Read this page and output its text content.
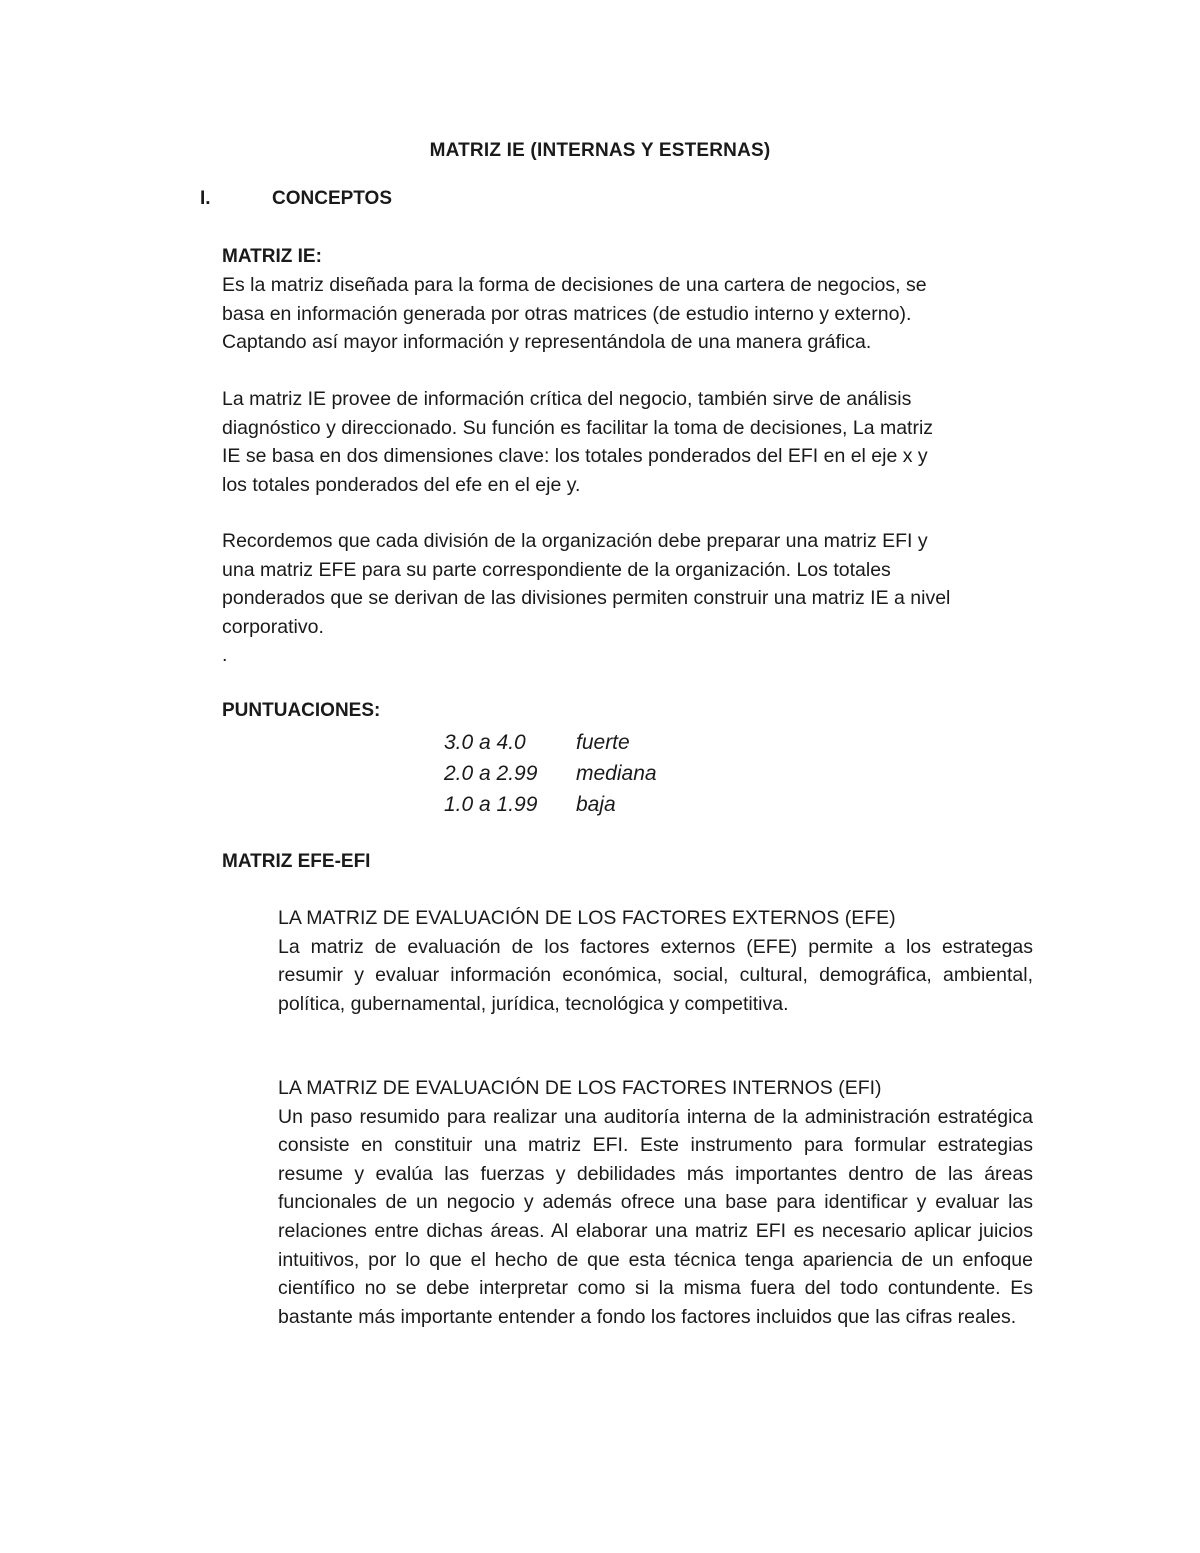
MATRIZ IE (INTERNAS Y ESTERNAS)
I.	CONCEPTOS
MATRIZ IE:
Es la matriz diseñada para la forma de decisiones de una cartera de negocios, se
basa en información generada por otras matrices (de estudio interno y externo).
Captando así mayor información y representándola de una manera gráfica.
La matriz IE provee de información crítica del negocio, también sirve de análisis
diagnóstico y direccionado. Su función es facilitar la toma de decisiones, La matriz
IE se basa en dos dimensiones clave: los totales ponderados del EFI en el eje x y
los totales ponderados del efe en el eje y.
Recordemos que cada división de la organización debe preparar una matriz EFI y
una matriz EFE para su parte correspondiente de la organización. Los totales
ponderados que se derivan de las divisiones permiten construir una matriz IE a nivel
corporativo.
.
PUNTUACIONES:
3.0 a 4.0	fuerte
2.0 a 2.99	mediana
1.0 a 1.99	baja
MATRIZ EFE-EFI
LA MATRIZ DE EVALUACIÓN DE LOS FACTORES EXTERNOS (EFE)
La matriz de evaluación de los factores externos (EFE) permite a los estrategas resumir y evaluar información económica, social, cultural, demográfica, ambiental, política, gubernamental, jurídica, tecnológica y competitiva.
LA MATRIZ DE EVALUACIÓN DE LOS FACTORES INTERNOS (EFI)
Un paso resumido para realizar una auditoría interna de la administración estratégica consiste en constituir una matriz EFI. Este instrumento para formular estrategias resume y evalúa las fuerzas y debilidades más importantes dentro de las áreas funcionales de un negocio y además ofrece una base para identificar y evaluar las relaciones entre dichas áreas. Al elaborar una matriz EFI es necesario aplicar juicios intuitivos, por lo que el hecho de que esta técnica tenga apariencia de un enfoque científico no se debe interpretar como si la misma fuera del todo contundente. Es bastante más importante entender a fondo los factores incluidos que las cifras reales.
